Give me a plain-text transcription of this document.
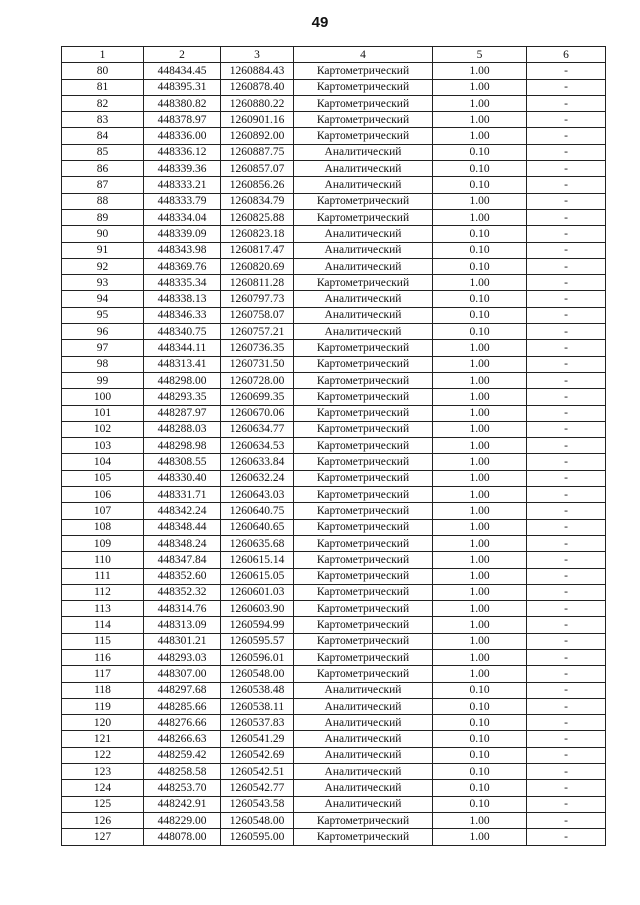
49
1	2	3	4	5	6
80	448434.45	1260884.43	Картометрический	1.00	-
81	448395.31	1260878.40	Картометрический	1.00	-
82	448380.82	1260880.22	Картометрический	1.00	-
83	448378.97	1260901.16	Картометрический	1.00	-
84	448336.00	1260892.00	Картометрический	1.00	-
85	448336.12	1260887.75	Аналитический	0.10	-
86	448339.36	1260857.07	Аналитический	0.10	-
87	448333.21	1260856.26	Аналитический	0.10	-
88	448333.79	1260834.79	Картометрический	1.00	-
89	448334.04	1260825.88	Картометрический	1.00	-
90	448339.09	1260823.18	Аналитический	0.10	-
91	448343.98	1260817.47	Аналитический	0.10	-
92	448369.76	1260820.69	Аналитический	0.10	-
93	448335.34	1260811.28	Картометрический	1.00	-
94	448338.13	1260797.73	Аналитический	0.10	-
95	448346.33	1260758.07	Аналитический	0.10	-
96	448340.75	1260757.21	Аналитический	0.10	-
97	448344.11	1260736.35	Картометрический	1.00	-
98	448313.41	1260731.50	Картометрический	1.00	-
99	448298.00	1260728.00	Картометрический	1.00	-
100	448293.35	1260699.35	Картометрический	1.00	-
101	448287.97	1260670.06	Картометрический	1.00	-
102	448288.03	1260634.77	Картометрический	1.00	-
103	448298.98	1260634.53	Картометрический	1.00	-
104	448308.55	1260633.84	Картометрический	1.00	-
105	448330.40	1260632.24	Картометрический	1.00	-
106	448331.71	1260643.03	Картометрический	1.00	-
107	448342.24	1260640.75	Картометрический	1.00	-
108	448348.44	1260640.65	Картометрический	1.00	-
109	448348.24	1260635.68	Картометрический	1.00	-
110	448347.84	1260615.14	Картометрический	1.00	-
111	448352.60	1260615.05	Картометрический	1.00	-
112	448352.32	1260601.03	Картометрический	1.00	-
113	448314.76	1260603.90	Картометрический	1.00	-
114	448313.09	1260594.99	Картометрический	1.00	-
115	448301.21	1260595.57	Картометрический	1.00	-
116	448293.03	1260596.01	Картометрический	1.00	-
117	448307.00	1260548.00	Картометрический	1.00	-
118	448297.68	1260538.48	Аналитический	0.10	-
119	448285.66	1260538.11	Аналитический	0.10	-
120	448276.66	1260537.83	Аналитический	0.10	-
121	448266.63	1260541.29	Аналитический	0.10	-
122	448259.42	1260542.69	Аналитический	0.10	-
123	448258.58	1260542.51	Аналитический	0.10	-
124	448253.70	1260542.77	Аналитический	0.10	-
125	448242.91	1260543.58	Аналитический	0.10	-
126	448229.00	1260548.00	Картометрический	1.00	-
127	448078.00	1260595.00	Картометрический	1.00	-
